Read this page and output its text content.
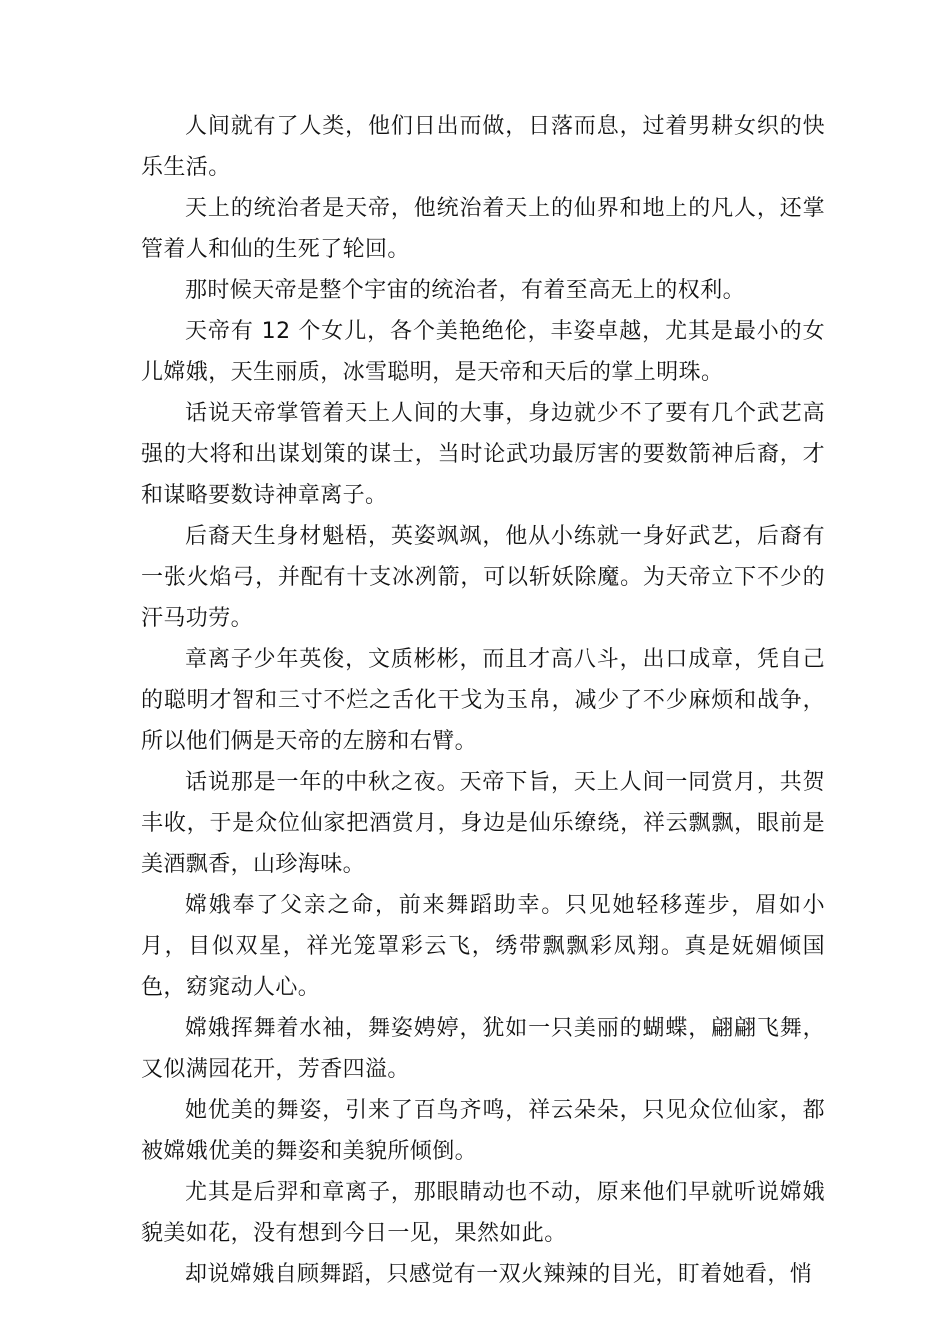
人间就有了人类，他们日出而做，日落而息，过着男耕女织的快乐生活。

天上的统治者是天帝，他统治着天上的仙界和地上的凡人，还掌管着人和仙的生死了轮回。

那时候天帝是整个宇宙的统治者，有着至高无上的权利。

天帝有 12 个女儿，各个美艳绝伦，丰姿卓越，尤其是最小的女儿嫦娥，天生丽质，冰雪聪明，是天帝和天后的掌上明珠。

话说天帝掌管着天上人间的大事，身边就少不了要有几个武艺高强的大将和出谋划策的谋士，当时论武功最厉害的要数箭神后裔，才和谋略要数诗神章离子。

后裔天生身材魁梧，英姿飒飒，他从小练就一身好武艺，后裔有一张火焰弓，并配有十支冰冽箭，可以斩妖除魔。为天帝立下不少的汗马功劳。

章离子少年英俊，文质彬彬，而且才高八斗，出口成章，凭自己的聪明才智和三寸不烂之舌化干戈为玉帛，减少了不少麻烦和战争，所以他们俩是天帝的左膀和右臂。

话说那是一年的中秋之夜。天帝下旨，天上人间一同赏月，共贺丰收，于是众位仙家把酒赏月，身边是仙乐缭绕，祥云飘飘，眼前是美酒飘香，山珍海味。

嫦娥奉了父亲之命，前来舞蹈助幸。只见她轻移莲步，眉如小月，目似双星，祥光笼罩彩云飞，绣带飘飘彩凤翔。真是妩媚倾国色，窈窕动人心。

嫦娥挥舞着水袖，舞姿娉婷，犹如一只美丽的蝴蝶，翩翩飞舞，又似满园花开，芳香四溢。

她优美的舞姿，引来了百鸟齐鸣，祥云朵朵，只见众位仙家，都被嫦娥优美的舞姿和美貌所倾倒。

尤其是后羿和章离子，那眼睛动也不动，原来他们早就听说嫦娥貌美如花，没有想到今日一见，果然如此。

却说嫦娥自顾舞蹈，只感觉有一双火辣辣的目光，盯着她看，悄
